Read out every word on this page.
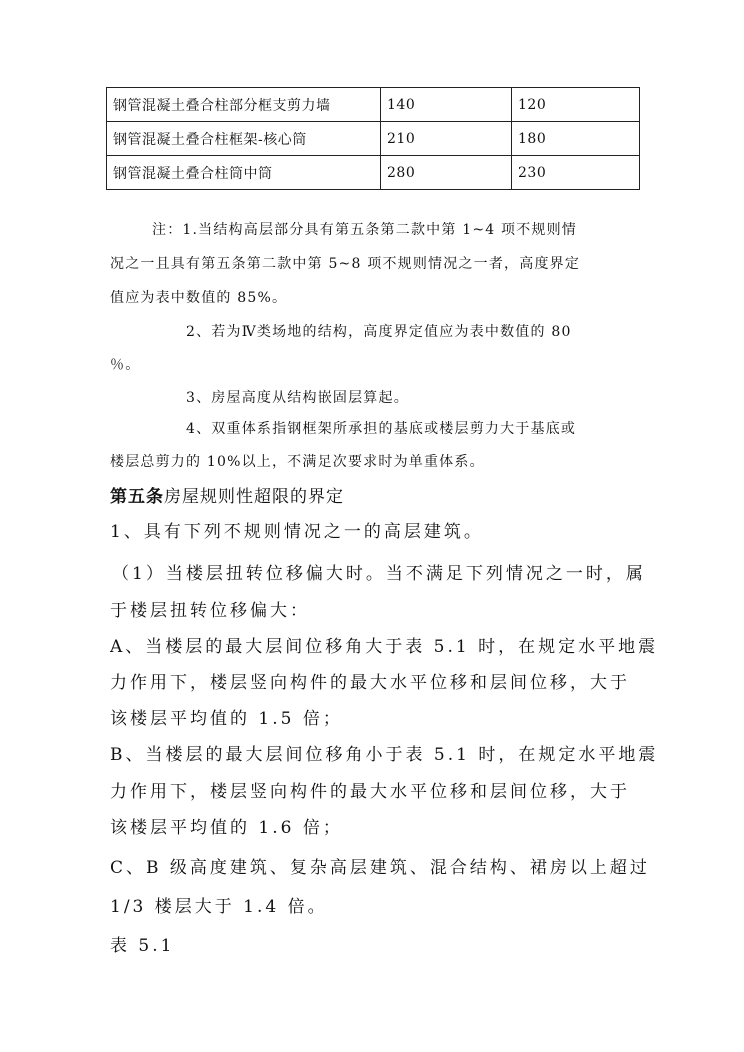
钢管混凝土叠合柱部分框支剪力墙	140	120
钢管混凝土叠合柱框架-核心筒	210	180
钢管混凝土叠合柱筒中筒	280	230
注：1.当结构高层部分具有第五条第二款中第 1~4 项不规则情
况之一且具有第五条第二款中第 5~8 项不规则情况之一者，高度界定
值应为表中数值的 85%。
2、若为Ⅳ类场地的结构，高度界定值应为表中数值的 80
％。
3、房屋高度从结构嵌固层算起。
4、双重体系指钢框架所承担的基底或楼层剪力大于基底或
楼层总剪力的 10%以上，不满足次要求时为单重体系。
第五条房屋规则性超限的界定
1、具有下列不规则情况之一的高层建筑。
（1）当楼层扭转位移偏大时。当不满足下列情况之一时，属
于楼层扭转位移偏大：
A、当楼层的最大层间位移角大于表 5.1 时，在规定水平地震
力作用下，楼层竖向构件的最大水平位移和层间位移，大于
该楼层平均值的 1.5 倍；
B、当楼层的最大层间位移角小于表 5.1 时，在规定水平地震
力作用下，楼层竖向构件的最大水平位移和层间位移，大于
该楼层平均值的 1.6 倍；
C、B 级高度建筑、复杂高层建筑、混合结构、裙房以上超过
1/3 楼层大于 1.4 倍。
表 5.1
